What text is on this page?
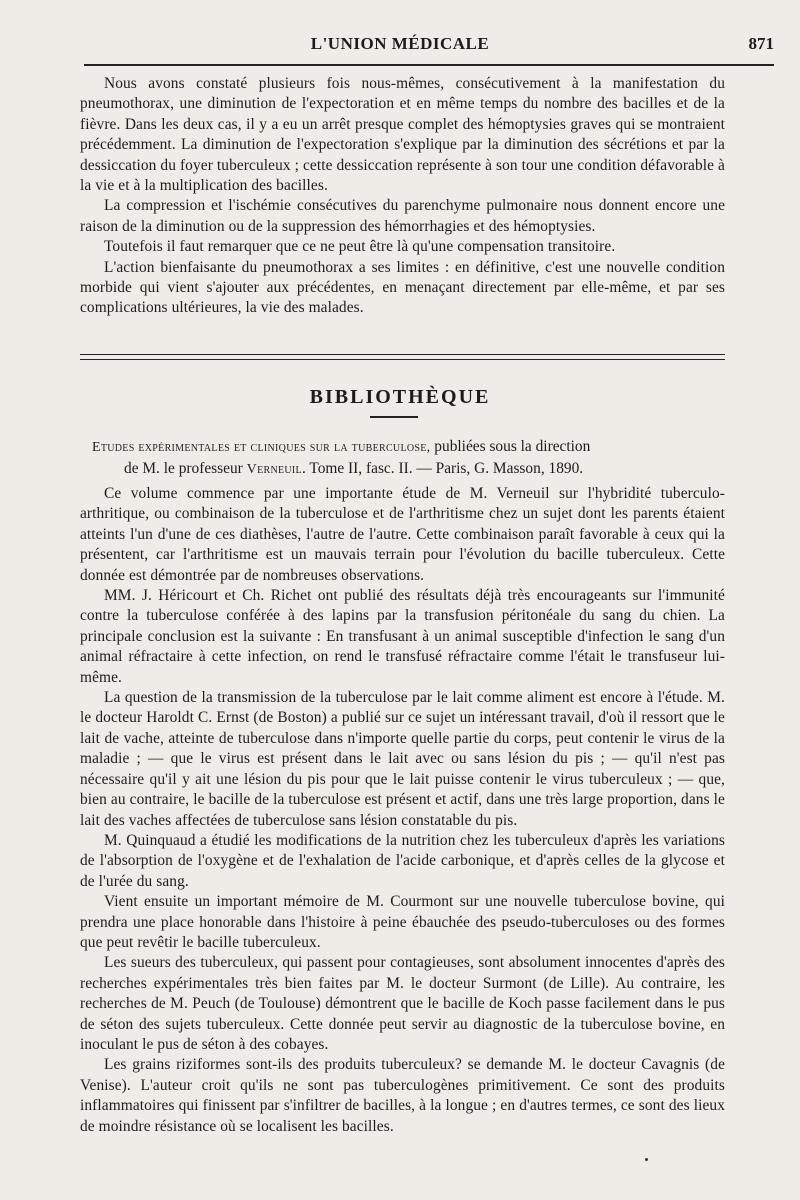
L'UNION MÉDICALE	871

Nous avons constaté plusieurs fois nous-mêmes, consécutivement à la manifestation du pneumothorax, une diminution de l'expectoration et en même temps du nombre des bacilles et de la fièvre. Dans les deux cas, il y a eu un arrêt presque complet des hémoptysies graves qui se montraient précédemment. La diminution de l'expectoration s'explique par la diminution des sécrétions et par la dessiccation du foyer tuberculeux ; cette dessiccation représente à son tour une condition défavorable à la vie et à la multiplication des bacilles.

La compression et l'ischémie consécutives du parenchyme pulmonaire nous donnent encore une raison de la diminution ou de la suppression des hémorrhagies et des hémoptysies.

Toutefois il faut remarquer que ce ne peut être là qu'une compensation transitoire.

L'action bienfaisante du pneumothorax a ses limites : en définitive, c'est une nouvelle condition morbide qui vient s'ajouter aux précédentes, en menaçant directement par elle-même, et par ses complications ultérieures, la vie des malades.

BIBLIOTHÈQUE

Etudes expérimentales et cliniques sur la tuberculose, publiées sous la direction
de M. le professeur Verneuil. Tome II, fasc. II. — Paris, G. Masson, 1890.

Ce volume commence par une importante étude de M. Verneuil sur l'hybridité tuberculo-arthritique, ou combinaison de la tuberculose et de l'arthritisme chez un sujet dont les parents étaient atteints l'un d'une de ces diathèses, l'autre de l'autre. Cette combinaison paraît favorable à ceux qui la présentent, car l'arthritisme est un mauvais terrain pour l'évolution du bacille tuberculeux. Cette donnée est démontrée par de nombreuses observations.

MM. J. Héricourt et Ch. Richet ont publié des résultats déjà très encourageants sur l'immunité contre la tuberculose conférée à des lapins par la transfusion péritonéale du sang du chien. La principale conclusion est la suivante : En transfusant à un animal susceptible d'infection le sang d'un animal réfractaire à cette infection, on rend le transfusé réfractaire comme l'était le transfuseur lui-même.

La question de la transmission de la tuberculose par le lait comme aliment est encore à l'étude. M. le docteur Haroldt C. Ernst (de Boston) a publié sur ce sujet un intéressant travail, d'où il ressort que le lait de vache, atteinte de tuberculose dans n'importe quelle partie du corps, peut contenir le virus de la maladie ; — que le virus est présent dans le lait avec ou sans lésion du pis ; — qu'il n'est pas nécessaire qu'il y ait une lésion du pis pour que le lait puisse contenir le virus tuberculeux ; — que, bien au contraire, le bacille de la tuberculose est présent et actif, dans une très large proportion, dans le lait des vaches affectées de tuberculose sans lésion constatable du pis.

M. Quinquaud a étudié les modifications de la nutrition chez les tuberculeux d'après les variations de l'absorption de l'oxygène et de l'exhalation de l'acide carbonique, et d'après celles de la glycose et de l'urée du sang.

Vient ensuite un important mémoire de M. Courmont sur une nouvelle tuberculose bovine, qui prendra une place honorable dans l'histoire à peine ébauchée des pseudo-tuberculoses ou des formes que peut revêtir le bacille tuberculeux.

Les sueurs des tuberculeux, qui passent pour contagieuses, sont absolument innocentes d'après des recherches expérimentales très bien faites par M. le docteur Surmont (de Lille). Au contraire, les recherches de M. Peuch (de Toulouse) démontrent que le bacille de Koch passe facilement dans le pus de séton des sujets tuberculeux. Cette donnée peut servir au diagnostic de la tuberculose bovine, en inoculant le pus de séton à des cobayes.

Les grains riziformes sont-ils des produits tuberculeux? se demande M. le docteur Cavagnis (de Venise). L'auteur croit qu'ils ne sont pas tuberculogènes primitivement. Ce sont des produits inflammatoires qui finissent par s'infiltrer de bacilles, à la longue ; en d'autres termes, ce sont des lieux de moindre résistance où se localisent les bacilles.
